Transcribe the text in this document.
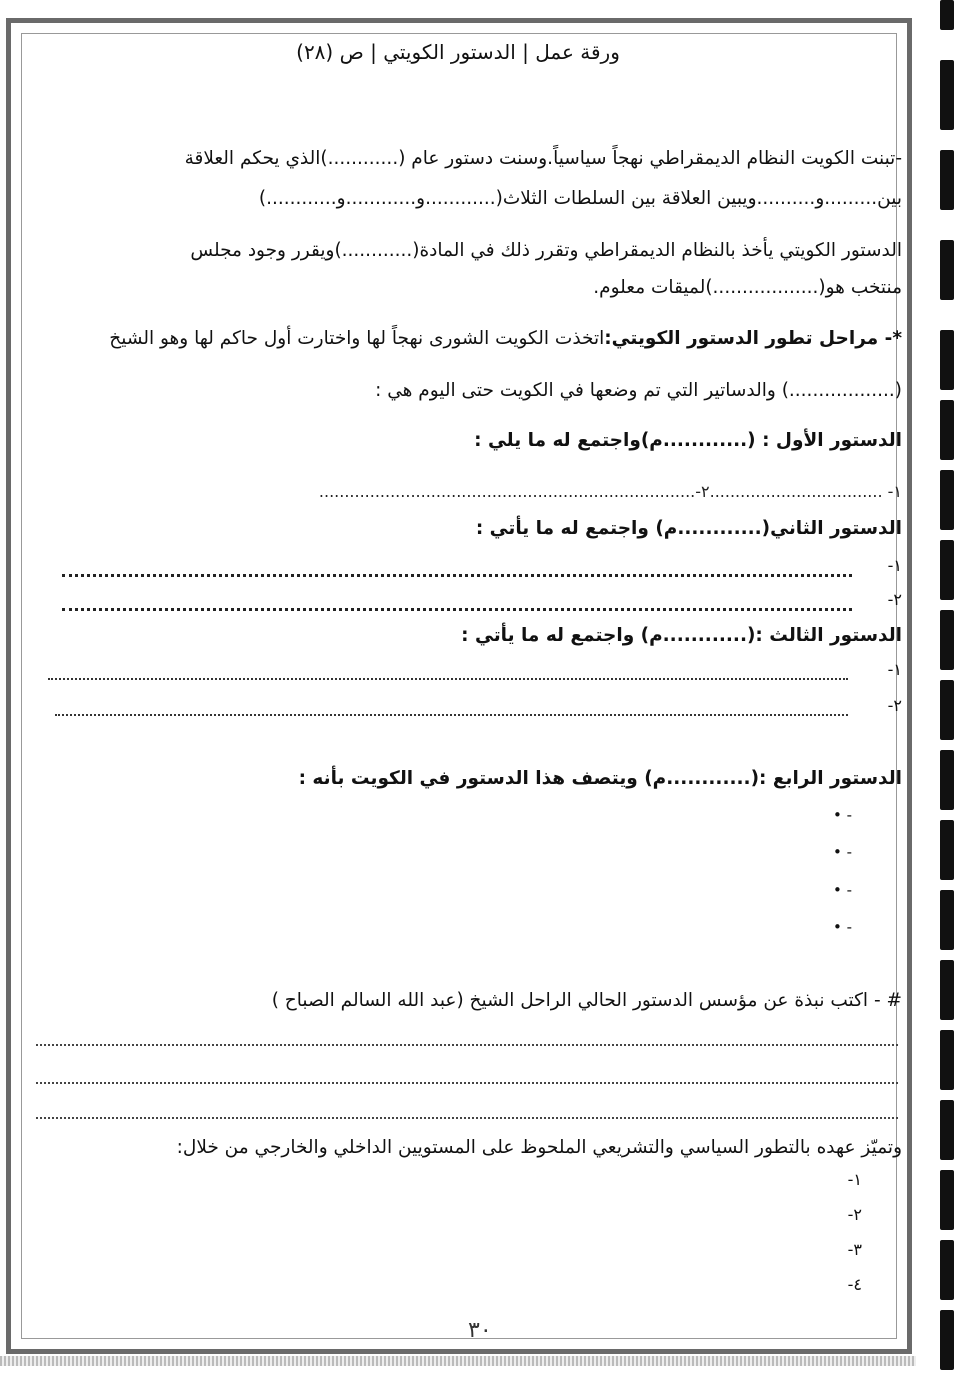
ورقة عمل | الدستور الكويتي | ص (٢٨)
-تبنت الكويت النظام الديمقراطي نهجاً سياسياً.وسنت دستور عام (............)الذي يحكم العلاقة
بين.........و..........ويبين العلاقة بين السلطات الثلاث(............و............و............)
الدستور الكويتي يأخذ بالنظام الديمقراطي وتقرر ذلك في المادة(............)ويقرر وجود مجلس
منتخب هو(..................)لميقات معلوم.
*- مراحل تطور الدستور الكويتي:اتخذت الكويت الشورى نهجاً لها واختارت أول حاكم لها وهو الشيخ
(..................) والدساتير التي تم وضعها في الكويت حتى اليوم هي :
الدستور الأول : (............م)واجتمع له ما يلي :
١- ..................................٢-..........................................................................
الدستور الثاني(............م) واجتمع له ما يأتي :
١-
٢-
الدستور الثالث :(............م) واجتمع له ما يأتي :
١-
٢-
الدستور الرابع :(............م) ويتصف هذا الدستور في الكويت بأنه :
• -
• -
• -
• -
# - اكتب نبذة عن مؤسس الدستور الحالي الراحل الشيخ (عبد الله السالم الصباح )
وتميّز عهده بالتطور السياسي والتشريعي الملحوظ على المستويين الداخلي والخارجي من خلال:
١-
٢-
٣-
٤-
٣٠
